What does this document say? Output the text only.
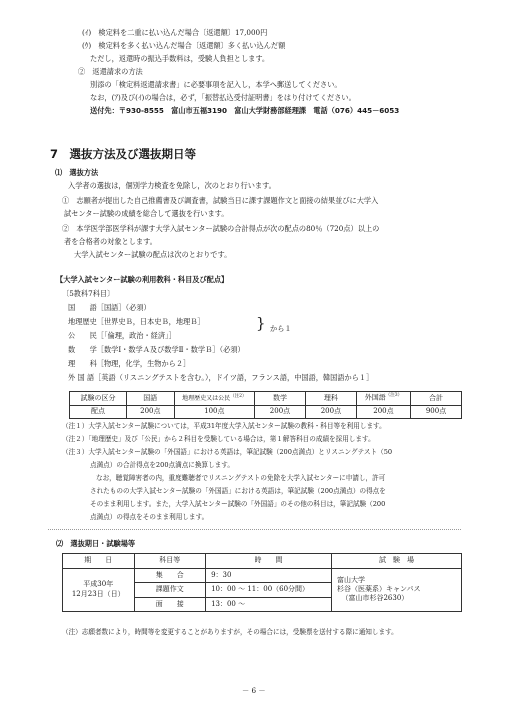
(ｲ)　検定料を二重に払い込んだ場合〔返還額〕17,000円
(ｳ)　検定料を多く払い込んだ場合〔返還額〕多く払い込んだ額
ただし，返還時の振込手数料は，受験人負担とします。
②　返還請求の方法
別添の「検定料返還請求書」に必要事項を記入し，本学へ郵送してください。
なお，(ｱ)及び(ｲ)の場合は，必ず，「振替払込受付証明書」をはり付けてください。
送付先：〒930-8555　富山市五福3190　富山大学財務部経理課　電話（076）445－6053
7　選抜方法及び選抜期日等
⑴　選抜方法
入学者の選抜は，個別学力検査を免除し，次のとおり行います。
①　志願者が提出した自己推薦書及び調査書，試験当日に課す課題作文と面接の結果並びに大学入
試センター試験の成績を総合して選抜を行います。
②　本学医学部医学科が課す大学入試センター試験の合計得点が次の配点の80％（720点）以上の
者を合格者の対象とします。
大学入試センター試験の配点は次のとおりです。
【大学入試センター試験の利用教科・科目及び配点】
〔5教科7科目〕
国　　語［国語］（必須）
地理歴史［世界史Ｂ，日本史Ｂ，地理Ｂ］
公　　民［「倫理，政治・経済」］
} から１
数　　学［数学Ⅰ・数学Ａ及び数学Ⅱ・数学Ｂ］（必須）
理　　科［物理，化学，生物から２］
外 国 語［英語（リスニングテストを含む。），ドイツ語，フランス語，中国語，韓国語から１］
試験の区分	国語	地理歴史又は公民$^{(注2)}$	数学	理科	外国語$^{(注3)}$	合計
配点	200点	100点	200点	200点	200点	900点
（注１）大学入試センター試験については，平成31年度大学入試センター試験の教科・科目等を利用します。
（注２）「地理歴史」及び「公民」から２科目を受験している場合は，第１解答科目の成績を採用します。
（注３）大学入試センター試験の「外国語」における英語は，筆記試験（200点満点）とリスニングテスト（50
点満点）の合計得点を200点満点に換算します。
なお，聴覚障害者の内，重度難聴者でリスニングテストの免除を大学入試センターに申請し，許可
されたものの大学入試センター試験の「外国語」における英語は，筆記試験（200点満点）の得点を
そのまま利用します。また，大学入試センター試験の「外国語」のその他の科目は，筆記試験（200
点満点）の得点をそのまま利用します。
⑵　選抜期日・試験場等
期　　日	科目等	時　　間	試　験　場
平成30年
12月23日（日）	集　　合	9：30	富山大学
杉谷（医薬系）キャンパス
（富山市杉谷2630）
	課題作文	10：00 ～ 11：00（60分間）	
	面　　接	13：00 ～	
（注）志願者数により，時間等を変更することがありますが，その場合には，受験票を送付する際に通知します。
－ 6 －
